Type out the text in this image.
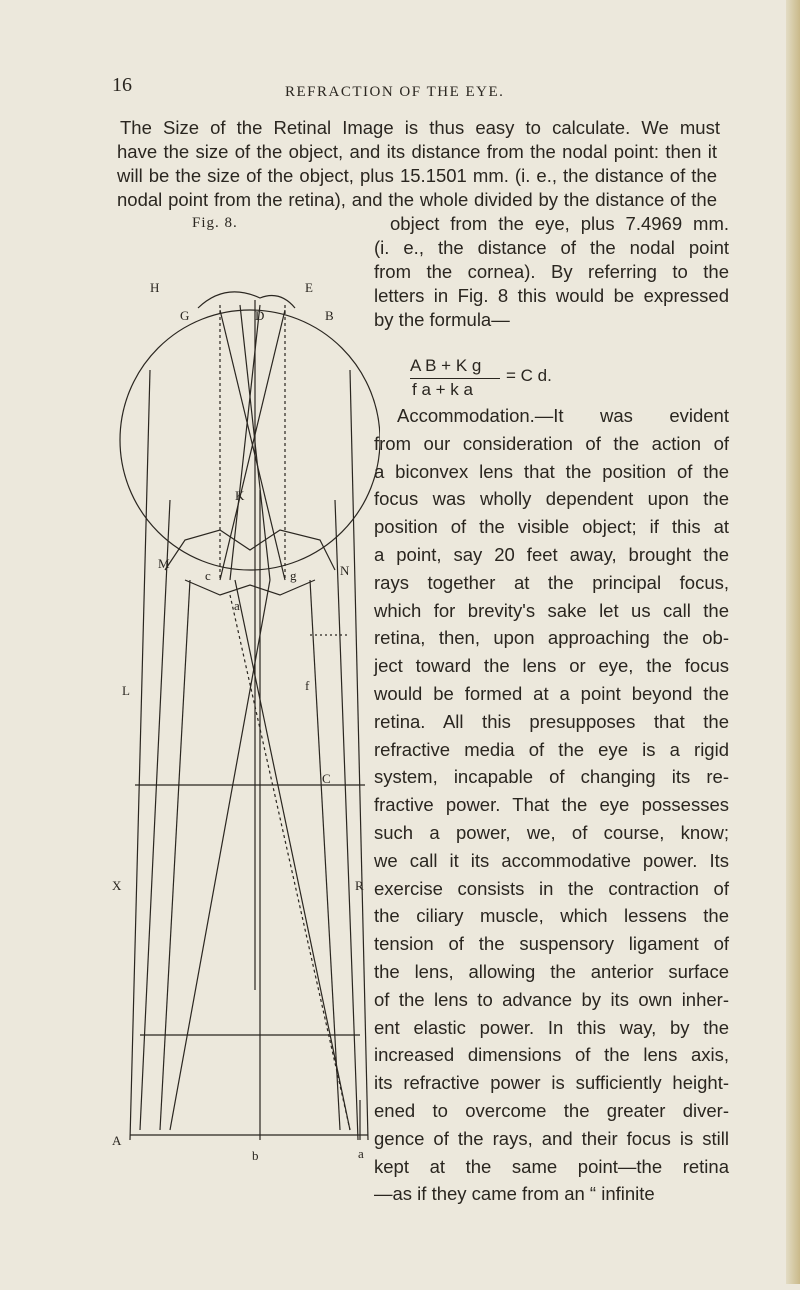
16	REFRACTION OF THE EYE.
The Size of the Retinal Image is thus easy to calculate. We must
have the size of the object, and its distance from the nodal point: then it
will be the size of the object, plus 15.1501 mm. (i. e., the distance of the
nodal point from the retina), and the whole divided by the distance of the
Fig. 8.	object from the eye, plus 7.4969 mm.
(i. e., the distance of the nodal point
from the cornea). By referring to the
letters in Fig. 8 this would be expressed
by the formula—
A B + K g
f a + k a
= C d.
Accommodation.—It was evident
from our consideration of the action of
a biconvex lens that the position of the
focus was wholly dependent upon the
position of the visible object; if this at
a point, say 20 feet away, brought the
rays together at the principal focus,
which for brevity's sake let us call the
retina, then, upon approaching the ob-
ject toward the lens or eye, the focus
would be formed at a point beyond the
retina. All this presupposes that the
refractive media of the eye is a rigid
system, incapable of changing its re-
fractive power. That the eye possesses
such a power, we, of course, know;
we call it its accommodative power. Its
exercise consists in the contraction of
the ciliary muscle, which lessens the
tension of the suspensory ligament of
the lens, allowing the anterior surface
of the lens to advance by its own inher-
ent elastic power. In this way, by the
increased dimensions of the lens axis,
its refractive power is sufficiently height-
ened to overcome the greater diver-
gence of the rays, and their focus is still
kept at the same point—the retina
—as if they came from an “ infinite
H	E
G	D	B
K
M
c	g	N
a
f
C
L
X	R
A
b	a
